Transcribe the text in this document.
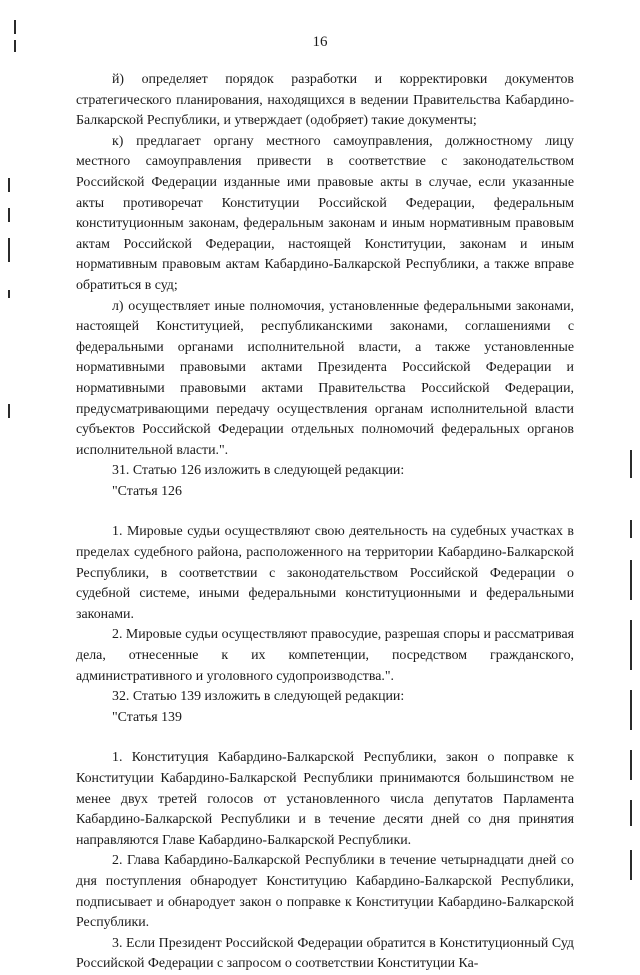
16

й) определяет порядок разработки и корректировки документов стратегического планирования, находящихся в ведении Правительства Кабардино-Балкарской Республики, и утверждает (одобряет) такие документы;

к) предлагает органу местного самоуправления, должностному лицу местного самоуправления привести в соответствие с законодательством Российской Федерации изданные ими правовые акты в случае, если указанные акты противоречат Конституции Российской Федерации, федеральным конституционным законам, федеральным законам и иным нормативным правовым актам Российской Федерации, настоящей Конституции, законам и иным нормативным правовым актам Кабардино-Балкарской Республики, а также вправе обратиться в суд;

л) осуществляет иные полномочия, установленные федеральными законами, настоящей Конституцией, республиканскими законами, соглашениями с федеральными органами исполнительной власти, а также установленные нормативными правовыми актами Президента Российской Федерации и нормативными правовыми актами Правительства Российской Федерации, предусматривающими передачу осуществления органам исполнительной власти субъектов Российской Федерации отдельных полномочий федеральных органов исполнительной власти.".

31. Статью 126 изложить в следующей редакции:

"Статья 126

1. Мировые судьи осуществляют свою деятельность на судебных участках в пределах судебного района, расположенного на территории Кабардино-Балкарской Республики, в соответствии с законодательством Российской Федерации о судебной системе, иными федеральными конституционными и федеральными законами.

2. Мировые судьи осуществляют правосудие, разрешая споры и рассматривая дела, отнесенные к их компетенции, посредством гражданского, административного и уголовного судопроизводства.".

32. Статью 139 изложить в следующей редакции:

"Статья 139

1. Конституция Кабардино-Балкарской Республики, закон о поправке к Конституции Кабардино-Балкарской Республики принимаются большинством не менее двух третей голосов от установленного числа депутатов Парламента Кабардино-Балкарской Республики и в течение десяти дней со дня принятия направляются Главе Кабардино-Балкарской Республики.

2. Глава Кабардино-Балкарской Республики в течение четырнадцати дней со дня поступления обнародует Конституцию Кабардино-Балкарской Республики, подписывает и обнародует закон о поправке к Конституции Кабардино-Балкарской Республики.

3. Если Президент Российской Федерации обратится в Конституционный Суд Российской Федерации с запросом о соответствии Конституции Ка-
